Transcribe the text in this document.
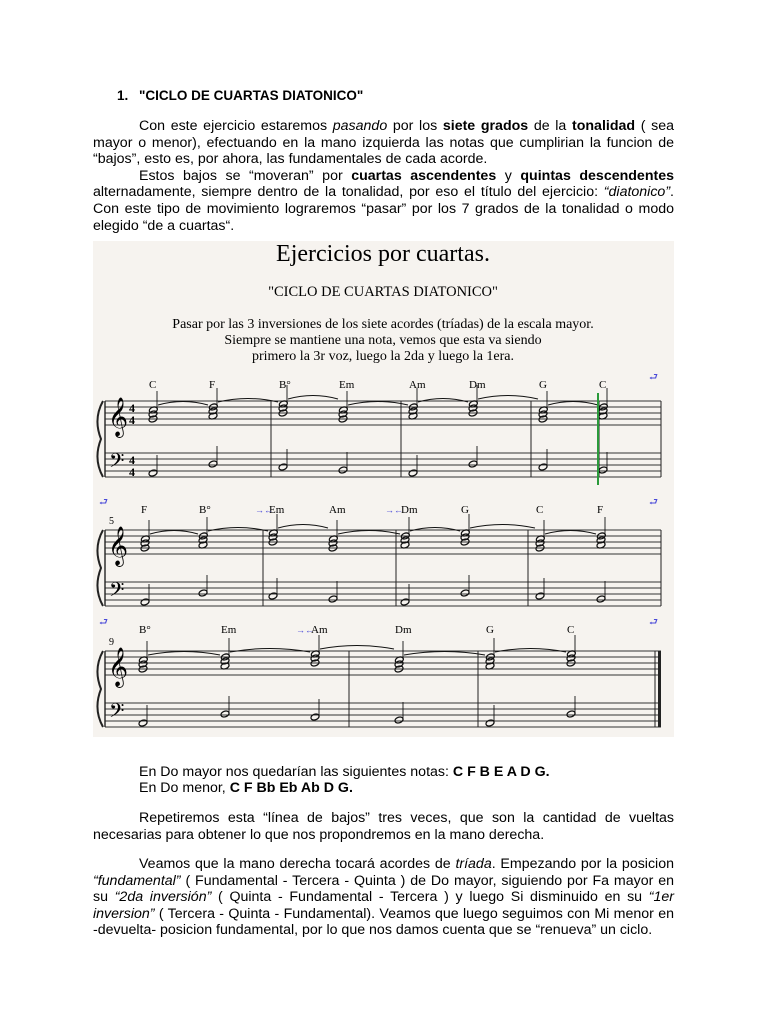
1. "CICLO DE CUARTAS DIATONICO"

Con este ejercicio estaremos pasando por los siete grados de la tonalidad ( sea mayor o menor), efectuando en la mano izquierda las notas que cumplirian la funcion de “bajos”, esto es, por ahora, las fundamentales de cada acorde.

Estos bajos se “moveran” por cuartas ascendentes y quintas descendentes alternadamente, siempre dentro de la tonalidad, por eso el título del ejercicio: “diatonico”. Con este tipo de movimiento lograremos “pasar” por los 7 grados de la tonalidad o modo elegido “de a cuartas“.

Ejercicios por cuartas.
"CICLO DE CUARTAS DIATONICO"
Pasar por las 3 inversiones de los siete acordes (tríadas) de la escala mayor.
Siempre se mantiene una nota, vemos que esta va siendo
primero la 3r voz, luego la 2da y luego la 1era.
𝄞
𝄢
4
4
4
4
C	F	B°	Em	Am	Dm	G	C
⮐
𝄞
𝄢
5
F	B°	Em	Am	Dm	G	C	F
→←	→←
⮐
⮐
𝄞
𝄢
9
B°	Em	Am	Dm	G	C
→←
⮐
⮐
En Do mayor nos quedarían las siguientes notas: C F B E A D G.
En Do menor, C F Bb Eb Ab D G.

Repetiremos esta “línea de bajos” tres veces, que son la cantidad de vueltas necesarias para obtener lo que nos propondremos en la mano derecha.

Veamos que la mano derecha tocará acordes de tríada. Empezando por la posicion “fundamental” ( Fundamental - Tercera - Quinta ) de Do mayor, siguiendo por Fa mayor en su “2da inversión” ( Quinta - Fundamental - Tercera ) y luego Si disminuido en su “1er inversion” ( Tercera - Quinta - Fundamental). Veamos que luego seguimos con Mi menor en -devuelta- posicion fundamental, por lo que nos damos cuenta que se “renueva” un ciclo.
